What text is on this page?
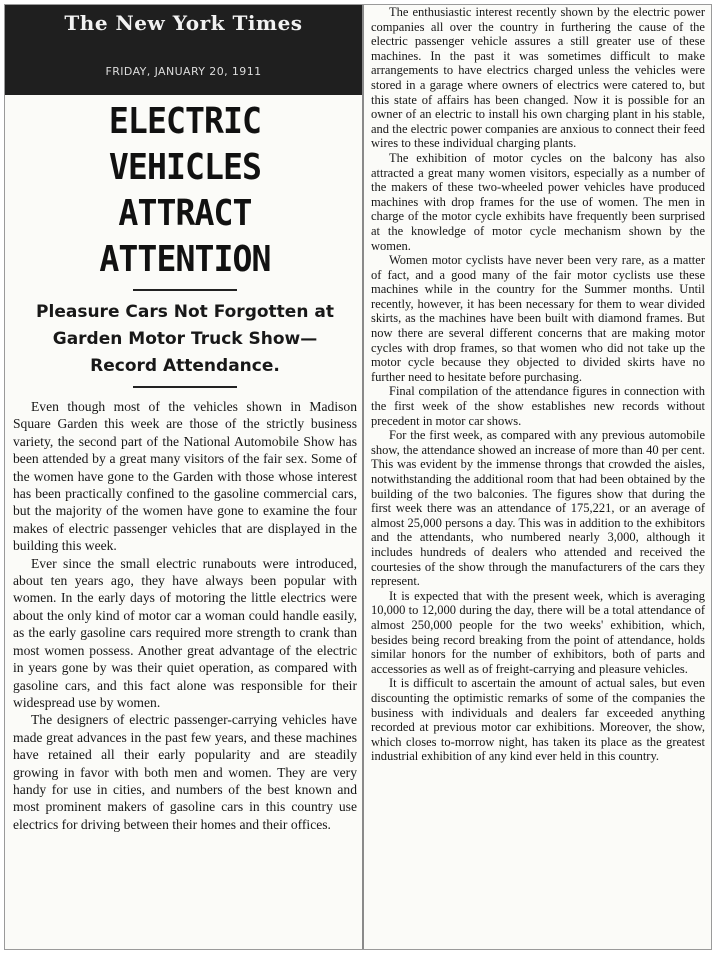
The New York Times
FRIDAY, JANUARY 20, 1911
ELECTRIC VEHICLES
ATTRACT ATTENTION
Pleasure Cars Not Forgotten at
Garden Motor Truck Show—
Record Attendance.

Even though most of the vehicles shown in Madison Square Garden this week are those of the strictly business variety, the second part of the National Automobile Show has been attended by a great many visitors of the fair sex. Some of the women have gone to the Garden with those whose interest has been practically confined to the gasoline commercial cars, but the majority of the women have gone to examine the four makes of electric passenger vehicles that are displayed in the building this week.

Ever since the small electric runabouts were introduced, about ten years ago, they have always been popular with women. In the early days of motoring the little electrics were about the only kind of motor car a woman could handle easily, as the early gasoline cars required more strength to crank than most women possess. Another great advantage of the electric in years gone by was their quiet operation, as compared with gasoline cars, and this fact alone was responsible for their widespread use by women.

The designers of electric passenger-carrying vehicles have made great advances in the past few years, and these machines have retained all their early popularity and are steadily growing in favor with both men and women. They are very handy for use in cities, and numbers of the best known and most prominent makers of gasoline cars in this country use electrics for driving between their homes and their offices.

The enthusiastic interest recently shown by the electric power companies all over the country in furthering the cause of the electric passenger vehicle assures a still greater use of these machines. In the past it was sometimes difficult to make arrangements to have electrics charged unless the vehicles were stored in a garage where owners of electrics were catered to, but this state of affairs has been changed. Now it is possible for an owner of an electric to install his own charging plant in his stable, and the electric power companies are anxious to connect their feed wires to these individual charging plants.

The exhibition of motor cycles on the balcony has also attracted a great many women visitors, especially as a number of the makers of these two-wheeled power vehicles have produced machines with drop frames for the use of women. The men in charge of the motor cycle exhibits have frequently been surprised at the knowledge of motor cycle mechanism shown by the women.

Women motor cyclists have never been very rare, as a matter of fact, and a good many of the fair motor cyclists use these machines while in the country for the Summer months. Until recently, however, it has been necessary for them to wear divided skirts, as the machines have been built with diamond frames. But now there are several different concerns that are making motor cycles with drop frames, so that women who did not take up the motor cycle because they objected to divided skirts have no further need to hesitate before purchasing.

Final compilation of the attendance figures in connection with the first week of the show establishes new records without precedent in motor car shows.

For the first week, as compared with any previous automobile show, the attendance showed an increase of more than 40 per cent. This was evident by the immense throngs that crowded the aisles, notwithstanding the additional room that had been obtained by the building of the two balconies. The figures show that during the first week there was an attendance of 175,221, or an average of almost 25,000 persons a day. This was in addition to the exhibitors and the attendants, who numbered nearly 3,000, although it includes hundreds of dealers who attended and received the courtesies of the show through the manufacturers of the cars they represent.

It is expected that with the present week, which is averaging 10,000 to 12,000 during the day, there will be a total attendance of almost 250,000 people for the two weeks' exhibition, which, besides being record breaking from the point of attendance, holds similar honors for the number of exhibitors, both of parts and accessories as well as of freight-carrying and pleasure vehicles.

It is difficult to ascertain the amount of actual sales, but even discounting the optimistic remarks of some of the companies the business with individuals and dealers far exceeded anything recorded at previous motor car exhibitions. Moreover, the show, which closes to-morrow night, has taken its place as the greatest industrial exhibition of any kind ever held in this country.
